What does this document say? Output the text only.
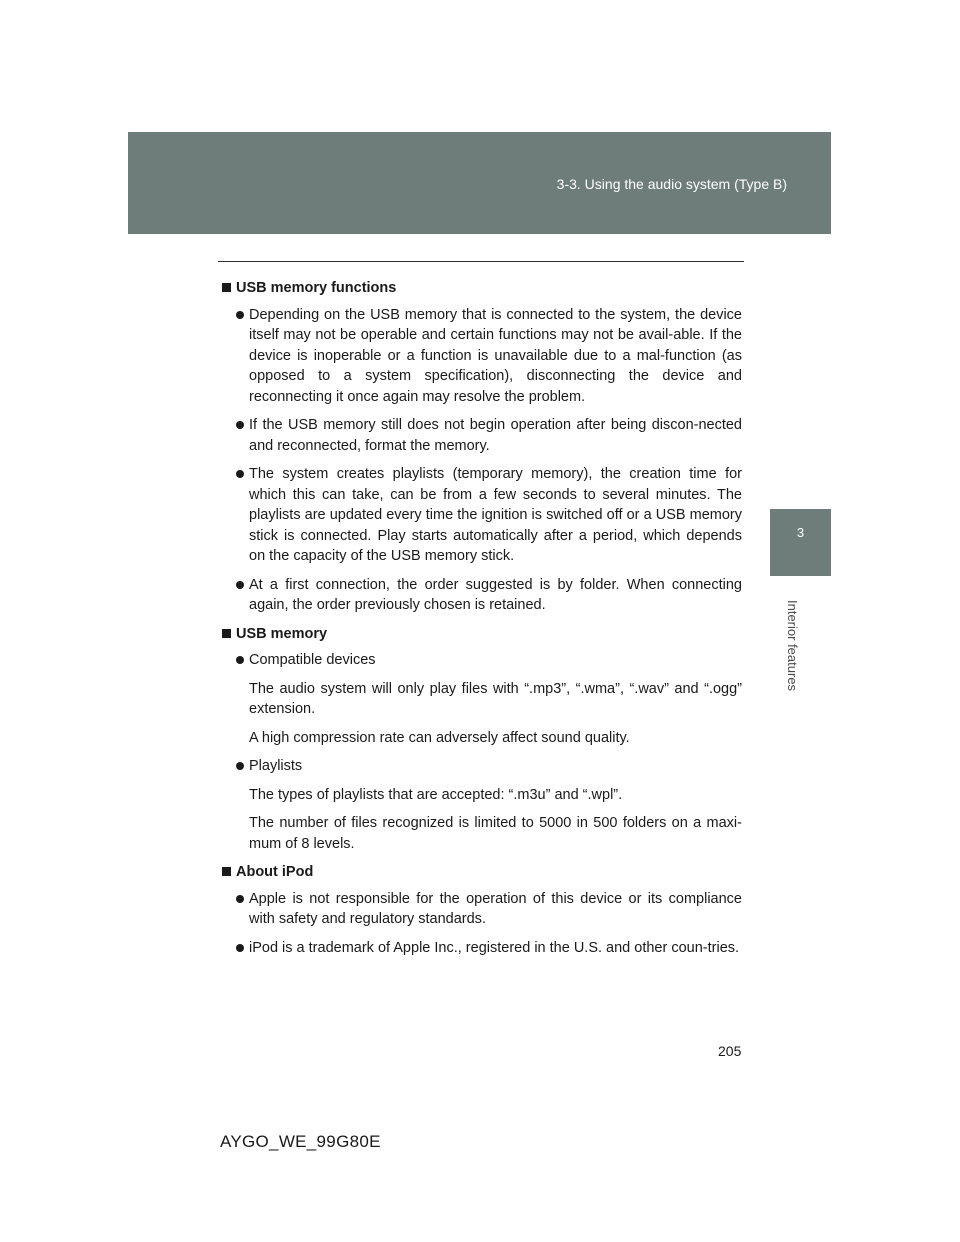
3-3. Using the audio system (Type B)
3
Interior features
USB memory functions
Depending on the USB memory that is connected to the system, the device itself may not be operable and certain functions may not be avail-able. If the device is inoperable or a function is unavailable due to a mal-function (as opposed to a system specification), disconnecting the device and reconnecting it once again may resolve the problem.
If the USB memory still does not begin operation after being discon-nected and reconnected, format the memory.
The system creates playlists (temporary memory), the creation time for which this can take, can be from a few seconds to several minutes. The playlists are updated every time the ignition is switched off or a USB memory stick is connected. Play starts automatically after a period, which depends on the capacity of the USB memory stick.
At a first connection, the order suggested is by folder. When connecting again, the order previously chosen is retained.
USB memory
Compatible devices
The audio system will only play files with “.mp3”, “.wma”, “.wav” and “.ogg” extension.
A high compression rate can adversely affect sound quality.
Playlists
The types of playlists that are accepted: “.m3u” and “.wpl”.
The number of files recognized is limited to 5000 in 500 folders on a maxi-mum of 8 levels.
About iPod
Apple is not responsible for the operation of this device or its compliance with safety and regulatory standards.
iPod is a trademark of Apple Inc., registered in the U.S. and other coun-tries.
205
AYGO_WE_99G80E
